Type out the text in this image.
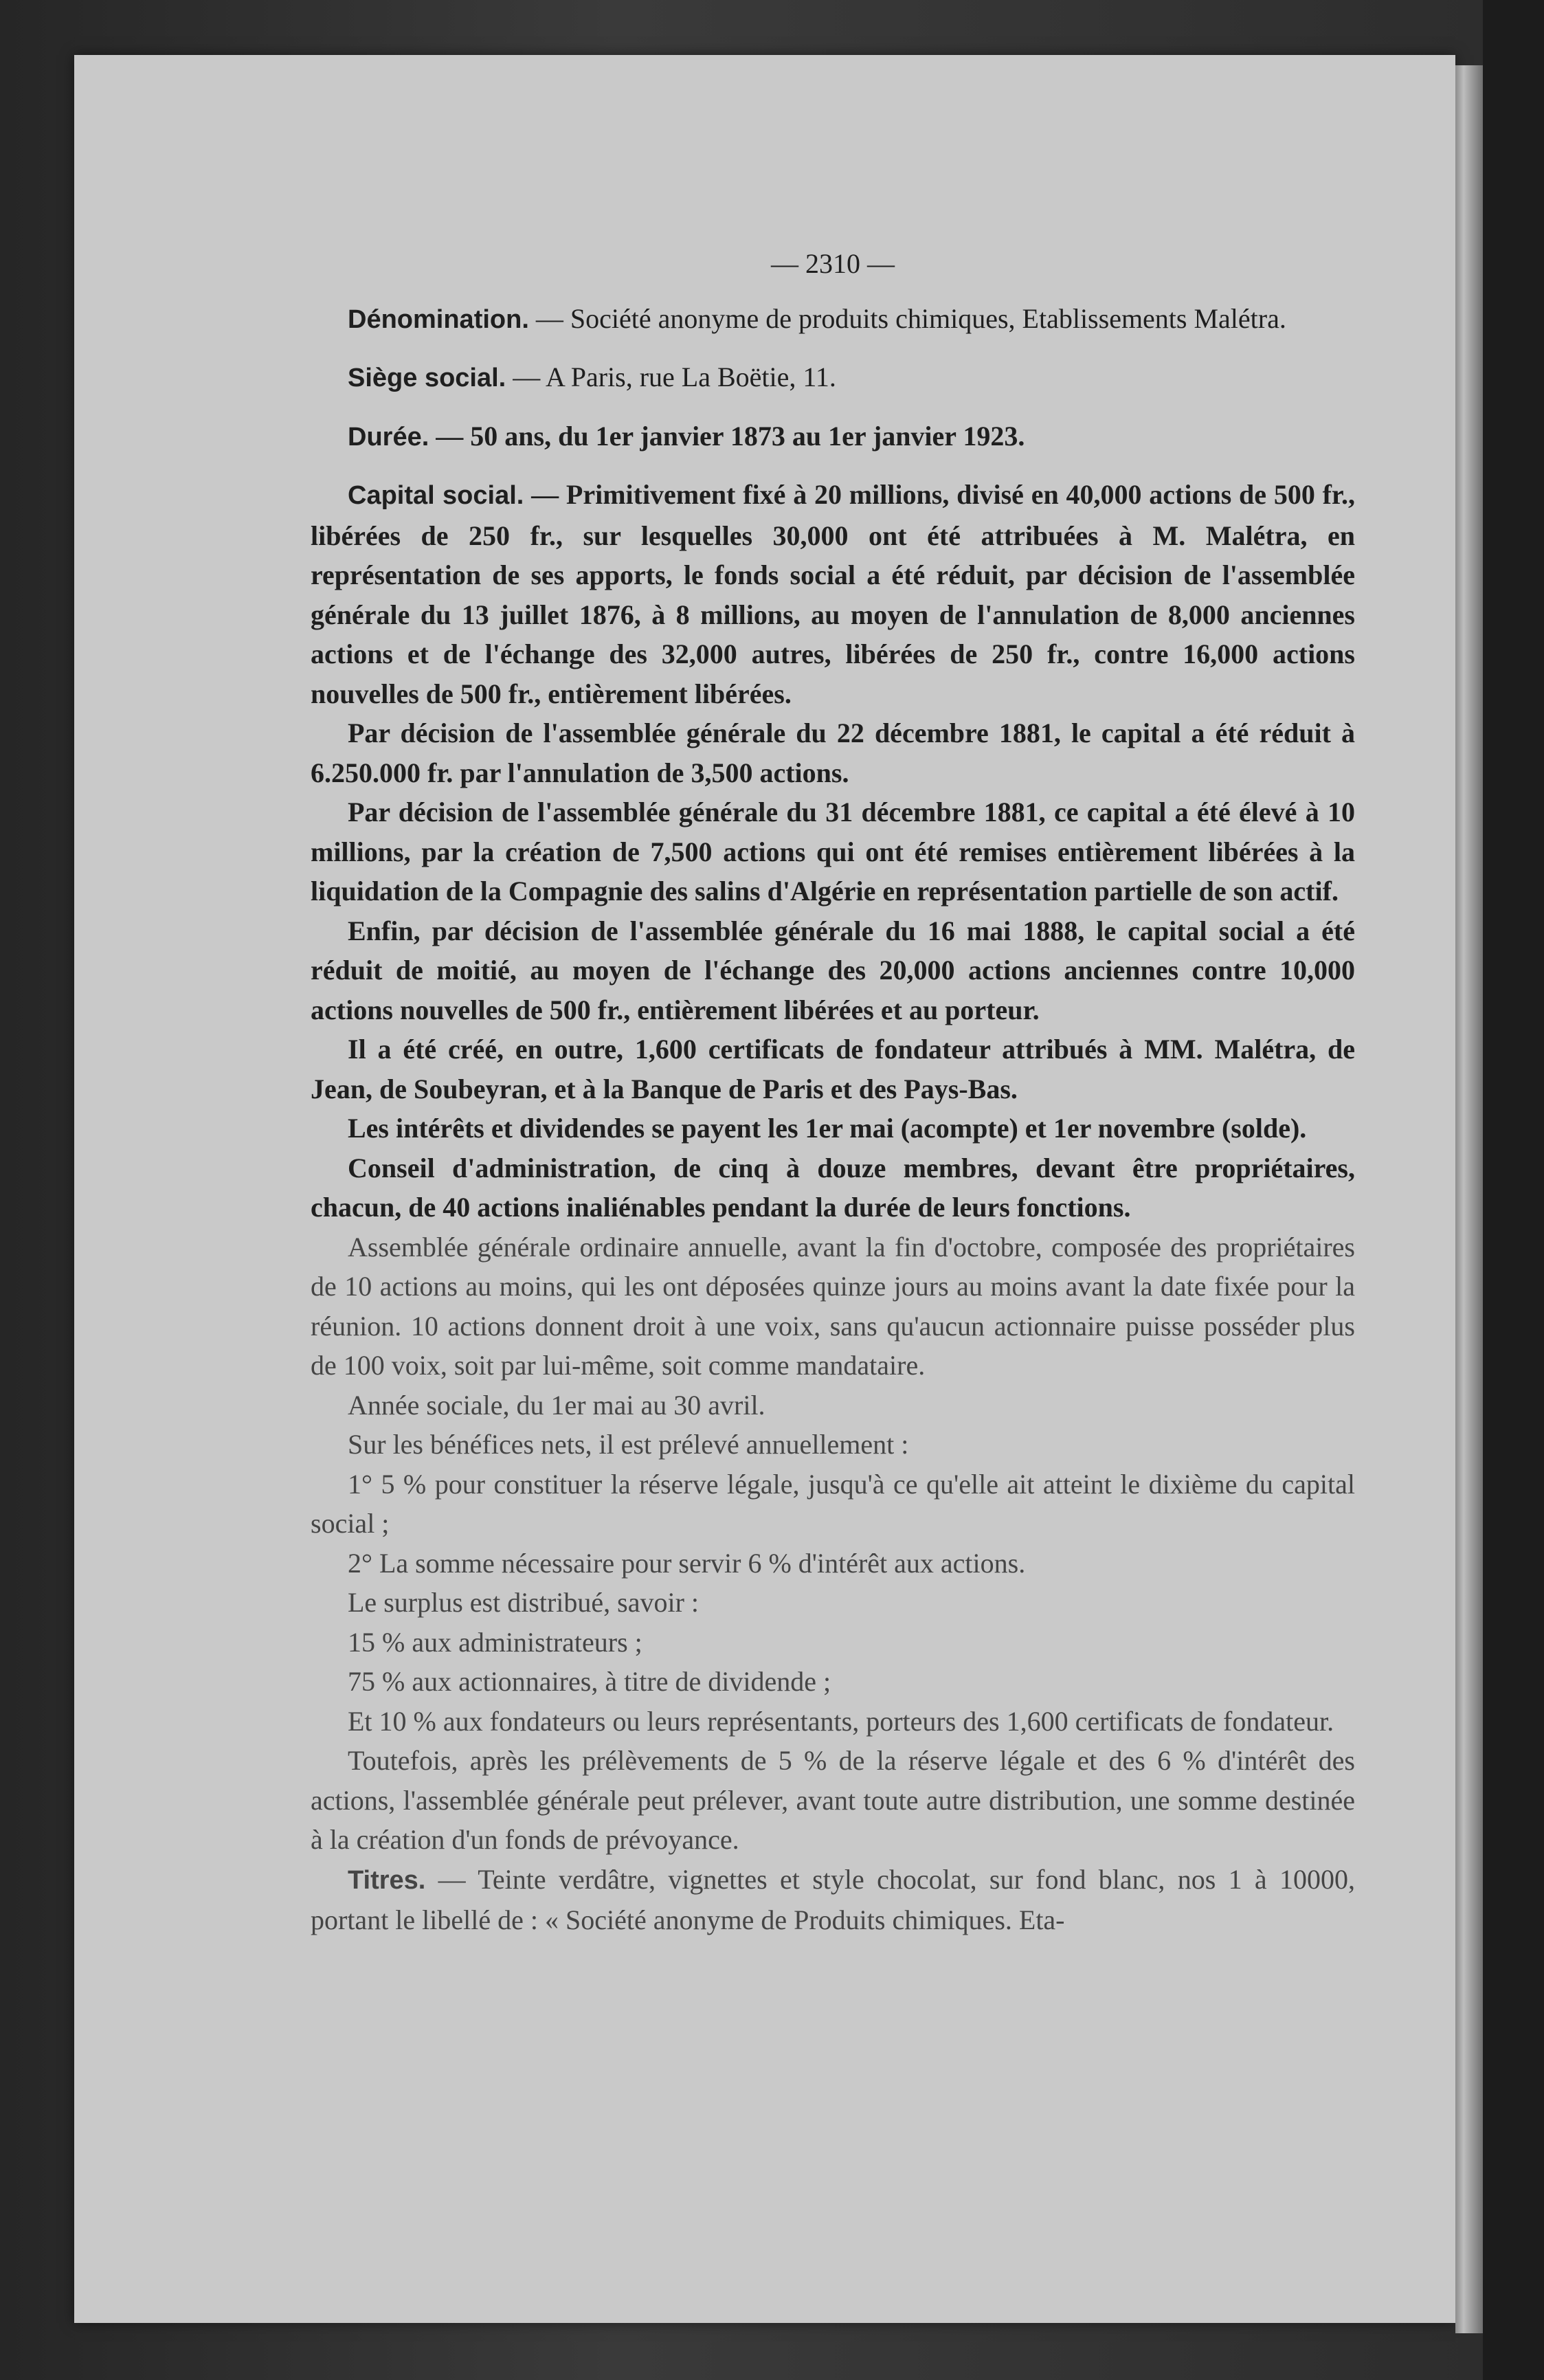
— 2310 —

Dénomination. — Société anonyme de produits chimiques, Etablissements Malétra.

Siège social. — A Paris, rue La Boëtie, 11.

Durée. — 50 ans, du 1er janvier 1873 au 1er janvier 1923.

Capital social. — Primitivement fixé à 20 millions, divisé en 40,000 actions de 500 fr., libérées de 250 fr., sur lesquelles 30,000 ont été attribuées à M. Malétra, en représentation de ses apports, le fonds social a été réduit, par décision de l'assemblée générale du 13 juillet 1876, à 8 millions, au moyen de l'annulation de 8,000 anciennes actions et de l'échange des 32,000 autres, libérées de 250 fr., contre 16,000 actions nouvelles de 500 fr., entièrement libérées.

Par décision de l'assemblée générale du 22 décembre 1881, le capital a été réduit à 6.250.000 fr. par l'annulation de 3,500 actions.

Par décision de l'assemblée générale du 31 décembre 1881, ce capital a été élevé à 10 millions, par la création de 7,500 actions qui ont été remises entièrement libérées à la liquidation de la Compagnie des salins d'Algérie en représentation partielle de son actif.

Enfin, par décision de l'assemblée générale du 16 mai 1888, le capital social a été réduit de moitié, au moyen de l'échange des 20,000 actions anciennes contre 10,000 actions nouvelles de 500 fr., entièrement libérées et au porteur.

Il a été créé, en outre, 1,600 certificats de fondateur attribués à MM. Malétra, de Jean, de Soubeyran, et à la Banque de Paris et des Pays-Bas.

Les intérêts et dividendes se payent les 1er mai (acompte) et 1er novembre (solde).

Conseil d'administration, de cinq à douze membres, devant être propriétaires, chacun, de 40 actions inaliénables pendant la durée de leurs fonctions.

Assemblée générale ordinaire annuelle, avant la fin d'octobre, composée des propriétaires de 10 actions au moins, qui les ont déposées quinze jours au moins avant la date fixée pour la réunion. 10 actions donnent droit à une voix, sans qu'aucun actionnaire puisse posséder plus de 100 voix, soit par lui-même, soit comme mandataire.

Année sociale, du 1er mai au 30 avril.

Sur les bénéfices nets, il est prélevé annuellement :

1° 5 % pour constituer la réserve légale, jusqu'à ce qu'elle ait atteint le dixième du capital social ;

2° La somme nécessaire pour servir 6 % d'intérêt aux actions.

Le surplus est distribué, savoir :

15 % aux administrateurs ;

75 % aux actionnaires, à titre de dividende ;

Et 10 % aux fondateurs ou leurs représentants, porteurs des 1,600 certificats de fondateur.

Toutefois, après les prélèvements de 5 % de la réserve légale et des 6 % d'intérêt des actions, l'assemblée générale peut prélever, avant toute autre distribution, une somme destinée à la création d'un fonds de prévoyance.

Titres. — Teinte verdâtre, vignettes et style chocolat, sur fond blanc, nos 1 à 10000, portant le libellé de : « Société anonyme de Produits chimiques. Eta-
